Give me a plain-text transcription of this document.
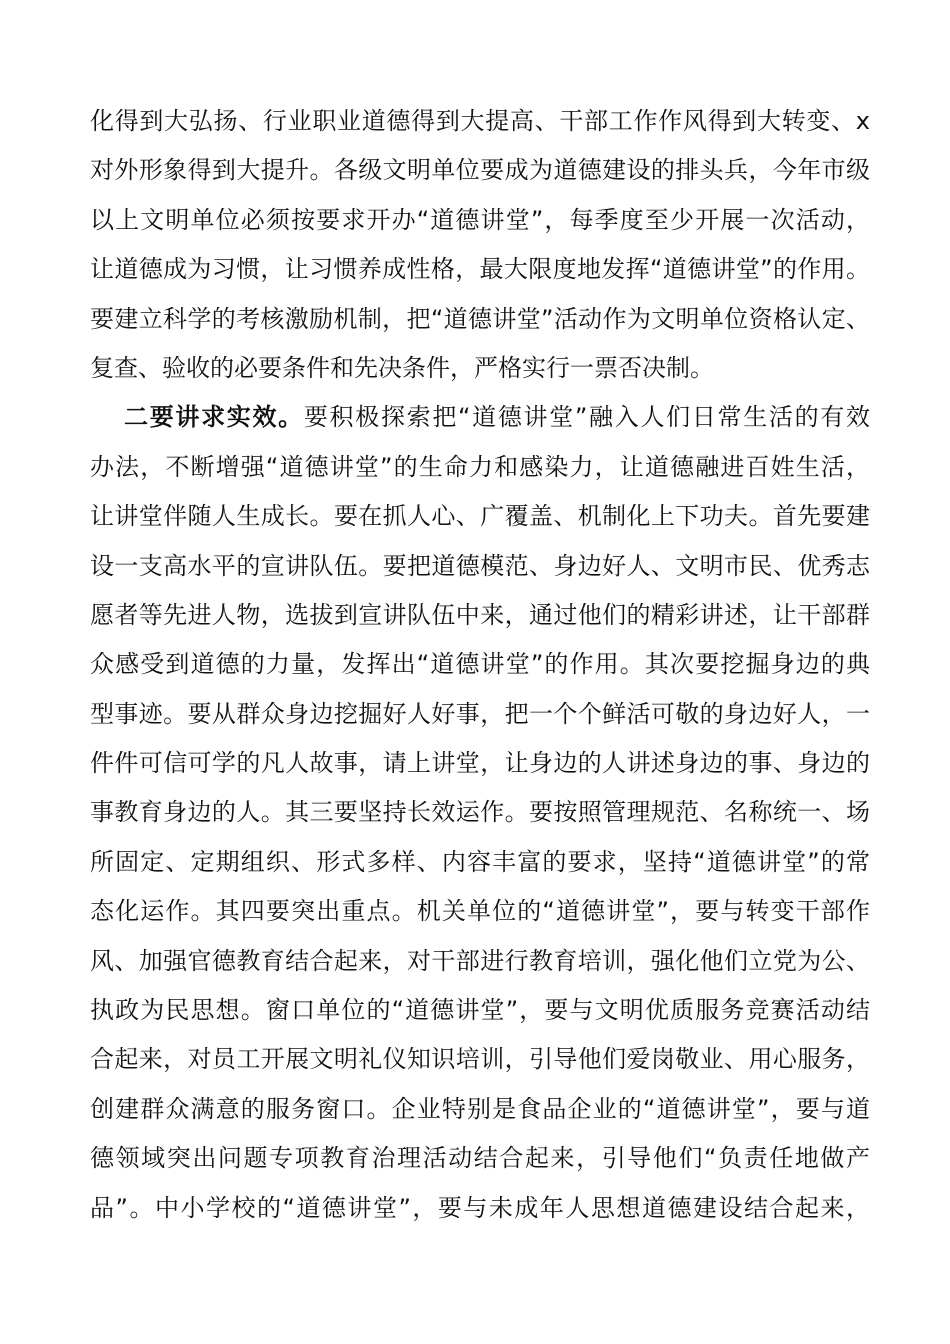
化得到大弘扬、行业职业道德得到大提高、干部工作作风得到大转变、x
对外形象得到大提升。各级文明单位要成为道德建设的排头兵，今年市级
以上文明单位必须按要求开办“道德讲堂”，每季度至少开展一次活动，
让道德成为习惯，让习惯养成性格，最大限度地发挥“道德讲堂”的作用。
要建立科学的考核激励机制，把“道德讲堂”活动作为文明单位资格认定、
复查、验收的必要条件和先决条件，严格实行一票否决制。
二要讲求实效。要积极探索把“道德讲堂”融入人们日常生活的有效
办法，不断增强“道德讲堂”的生命力和感染力，让道德融进百姓生活，
让讲堂伴随人生成长。要在抓人心、广覆盖、机制化上下功夫。首先要建
设一支高水平的宣讲队伍。要把道德模范、身边好人、文明市民、优秀志
愿者等先进人物，选拔到宣讲队伍中来，通过他们的精彩讲述，让干部群
众感受到道德的力量，发挥出“道德讲堂”的作用。其次要挖掘身边的典
型事迹。要从群众身边挖掘好人好事，把一个个鲜活可敬的身边好人，一
件件可信可学的凡人故事，请上讲堂，让身边的人讲述身边的事、身边的
事教育身边的人。其三要坚持长效运作。要按照管理规范、名称统一、场
所固定、定期组织、形式多样、内容丰富的要求，坚持“道德讲堂”的常
态化运作。其四要突出重点。机关单位的“道德讲堂”，要与转变干部作
风、加强官德教育结合起来，对干部进行教育培训，强化他们立党为公、
执政为民思想。窗口单位的“道德讲堂”，要与文明优质服务竞赛活动结
合起来，对员工开展文明礼仪知识培训，引导他们爱岗敬业、用心服务，
创建群众满意的服务窗口。企业特别是食品企业的“道德讲堂”，要与道
德领域突出问题专项教育治理活动结合起来，引导他们“负责任地做产
品”。中小学校的“道德讲堂”，要与未成年人思想道德建设结合起来，
